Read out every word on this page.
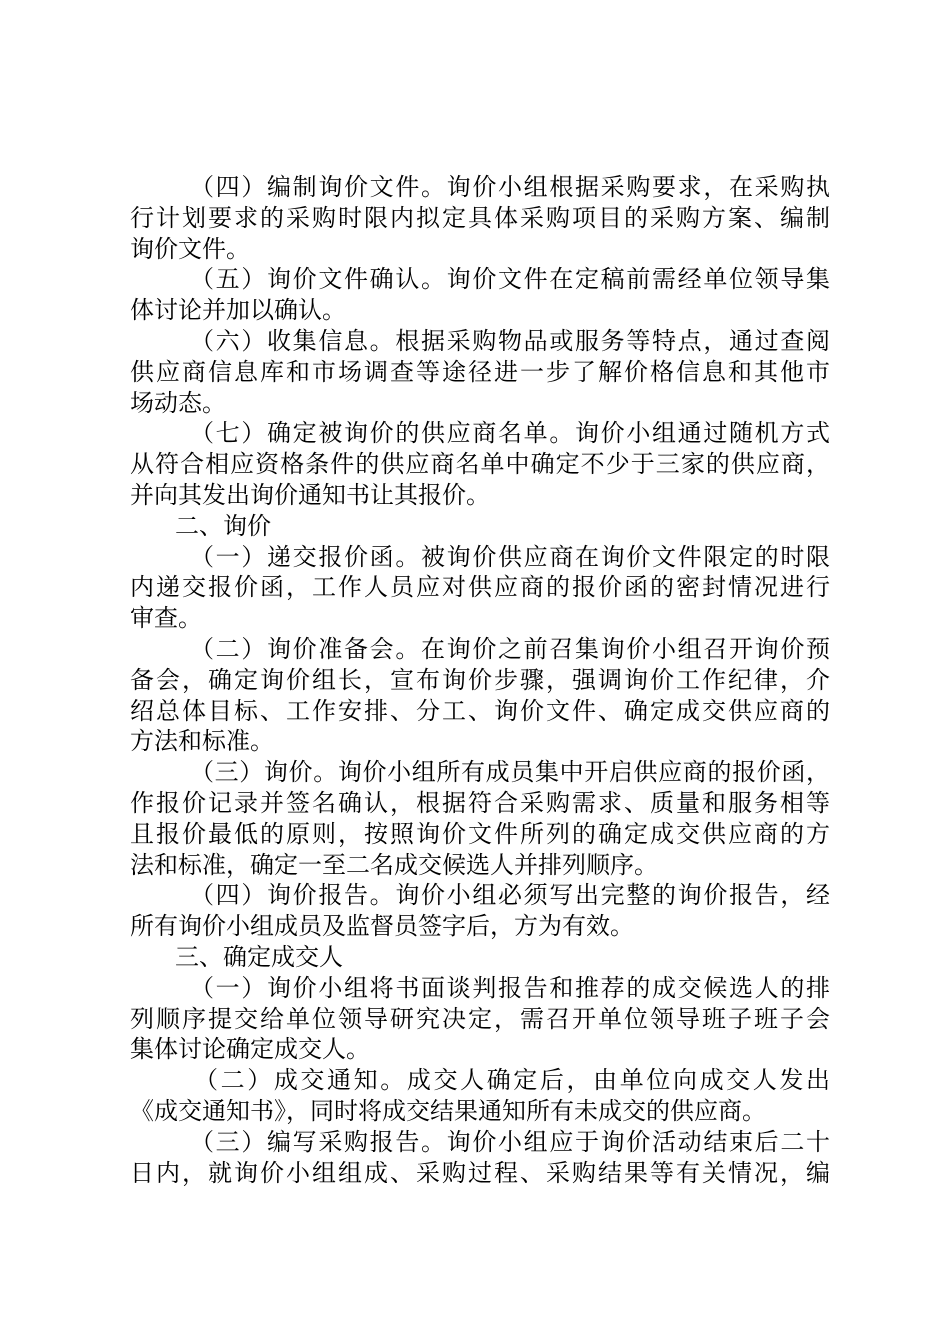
（四）编制询价文件。询价小组根据采购要求，在采购执
行计划要求的采购时限内拟定具体采购项目的采购方案、编制
询价文件。
（五）询价文件确认。询价文件在定稿前需经单位领导集
体讨论并加以确认。
（六）收集信息。根据采购物品或服务等特点，通过查阅
供应商信息库和市场调查等途径进一步了解价格信息和其他市
场动态。
（七）确定被询价的供应商名单。询价小组通过随机方式
从符合相应资格条件的供应商名单中确定不少于三家的供应商，
并向其发出询价通知书让其报价。
二、询价
（一）递交报价函。被询价供应商在询价文件限定的时限
内递交报价函，工作人员应对供应商的报价函的密封情况进行
审查。
（二）询价准备会。在询价之前召集询价小组召开询价预
备会，确定询价组长，宣布询价步骤，强调询价工作纪律，介
绍总体目标、工作安排、分工、询价文件、确定成交供应商的
方法和标准。
（三）询价。询价小组所有成员集中开启供应商的报价函，
作报价记录并签名确认，根据符合采购需求、质量和服务相等
且报价最低的原则，按照询价文件所列的确定成交供应商的方
法和标准，确定一至二名成交候选人并排列顺序。
（四）询价报告。询价小组必须写出完整的询价报告，经
所有询价小组成员及监督员签字后，方为有效。
三、确定成交人
（一）询价小组将书面谈判报告和推荐的成交候选人的排
列顺序提交给单位领导研究决定，需召开单位领导班子班子会
集体讨论确定成交人。
（二）成交通知。成交人确定后，由单位向成交人发出
《成交通知书》，同时将成交结果通知所有未成交的供应商。
（三）编写采购报告。询价小组应于询价活动结束后二十
日内，就询价小组组成、采购过程、采购结果等有关情况，编
